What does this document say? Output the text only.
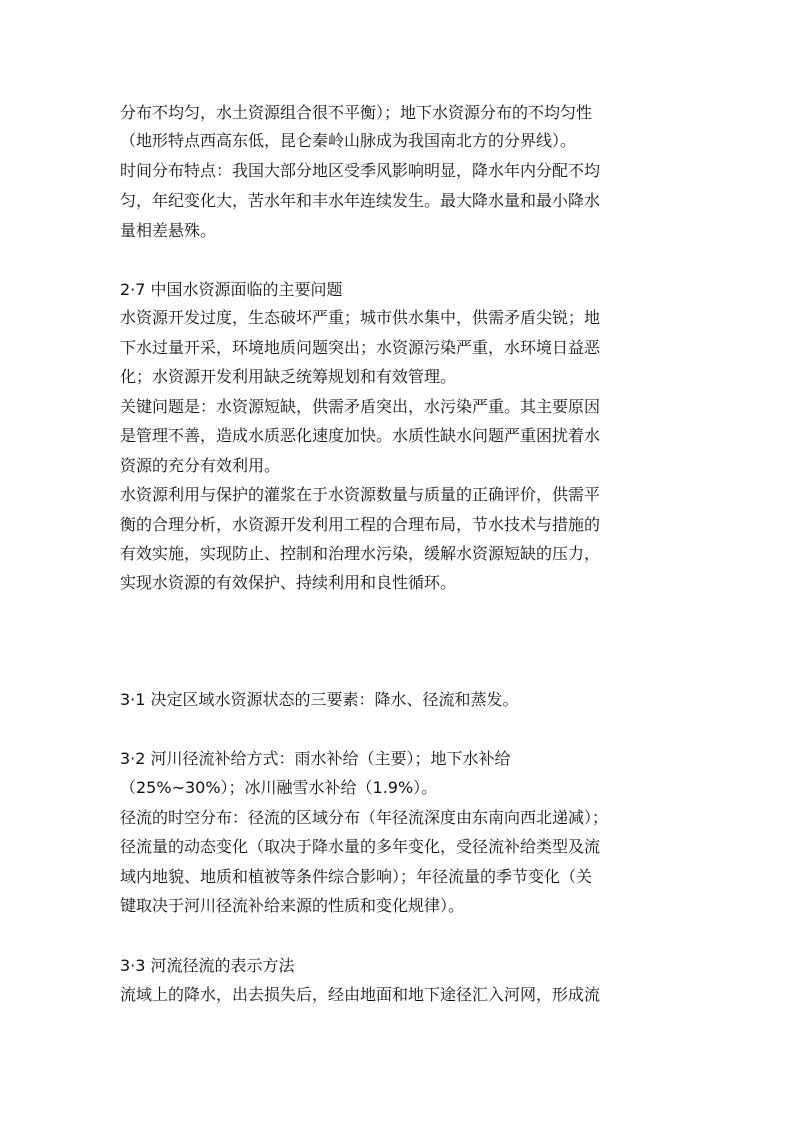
分布不均匀，水土资源组合很不平衡）；地下水资源分布的不均匀性
（地形特点西高东低，昆仑秦岭山脉成为我国南北方的分界线）。
时间分布特点：我国大部分地区受季风影响明显，降水年内分配不均
匀，年纪变化大，苦水年和丰水年连续发生。最大降水量和最小降水
量相差悬殊。
2·7 中国水资源面临的主要问题
水资源开发过度，生态破坏严重；城市供水集中，供需矛盾尖锐；地
下水过量开采，环境地质问题突出；水资源污染严重，水环境日益恶
化；水资源开发利用缺乏统筹规划和有效管理。
关键问题是：水资源短缺，供需矛盾突出，水污染严重。其主要原因
是管理不善，造成水质恶化速度加快。水质性缺水问题严重困扰着水
资源的充分有效利用。
水资源利用与保护的灌浆在于水资源数量与质量的正确评价，供需平
衡的合理分析，水资源开发利用工程的合理布局，节水技术与措施的
有效实施，实现防止、控制和治理水污染，缓解水资源短缺的压力，
实现水资源的有效保护、持续利用和良性循环。
3·1 决定区域水资源状态的三要素：降水、径流和蒸发。
3·2 河川径流补给方式：雨水补给（主要）；地下水补给
（25%~30%）；冰川融雪水补给（1.9%）。
径流的时空分布：径流的区域分布（年径流深度由东南向西北递减）；
径流量的动态变化（取决于降水量的多年变化，受径流补给类型及流
域内地貌、地质和植被等条件综合影响）；年径流量的季节变化（关
键取决于河川径流补给来源的性质和变化规律）。
3·3 河流径流的表示方法
流域上的降水，出去损失后，经由地面和地下途径汇入河网，形成流
